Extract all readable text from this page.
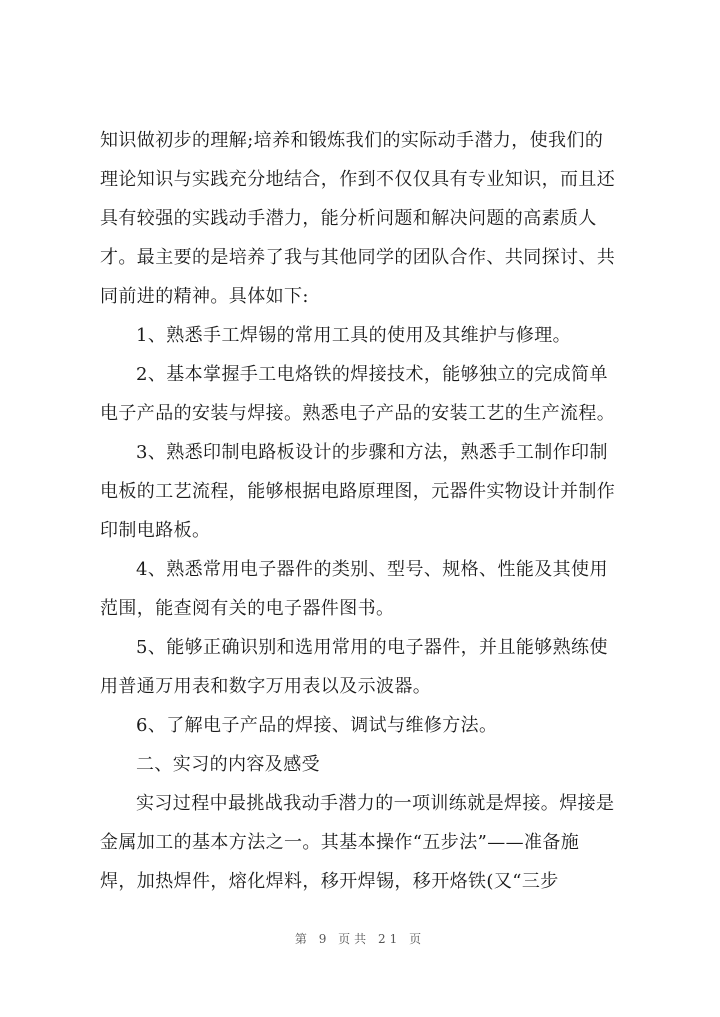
知识做初步的理解;培养和锻炼我们的实际动手潜力，使我们的
理论知识与实践充分地结合，作到不仅仅具有专业知识，而且还
具有较强的实践动手潜力，能分析问题和解决问题的高素质人
才。最主要的是培养了我与其他同学的团队合作、共同探讨、共
同前进的精神。具体如下:
1、熟悉手工焊锡的常用工具的使用及其维护与修理。
2、基本掌握手工电烙铁的焊接技术，能够独立的完成简单
电子产品的安装与焊接。熟悉电子产品的安装工艺的生产流程。
3、熟悉印制电路板设计的步骤和方法，熟悉手工制作印制
电板的工艺流程，能够根据电路原理图，元器件实物设计并制作
印制电路板。
4、熟悉常用电子器件的类别、型号、规格、性能及其使用
范围，能查阅有关的电子器件图书。
5、能够正确识别和选用常用的电子器件，并且能够熟练使
用普通万用表和数字万用表以及示波器。
6、了解电子产品的焊接、调试与维修方法。
二、实习的内容及感受
实习过程中最挑战我动手潜力的一项训练就是焊接。焊接是
金属加工的基本方法之一。其基本操作“五步法”——准备施
焊，加热焊件，熔化焊料，移开焊锡，移开烙铁(又“三步
第 9 页共 21 页
